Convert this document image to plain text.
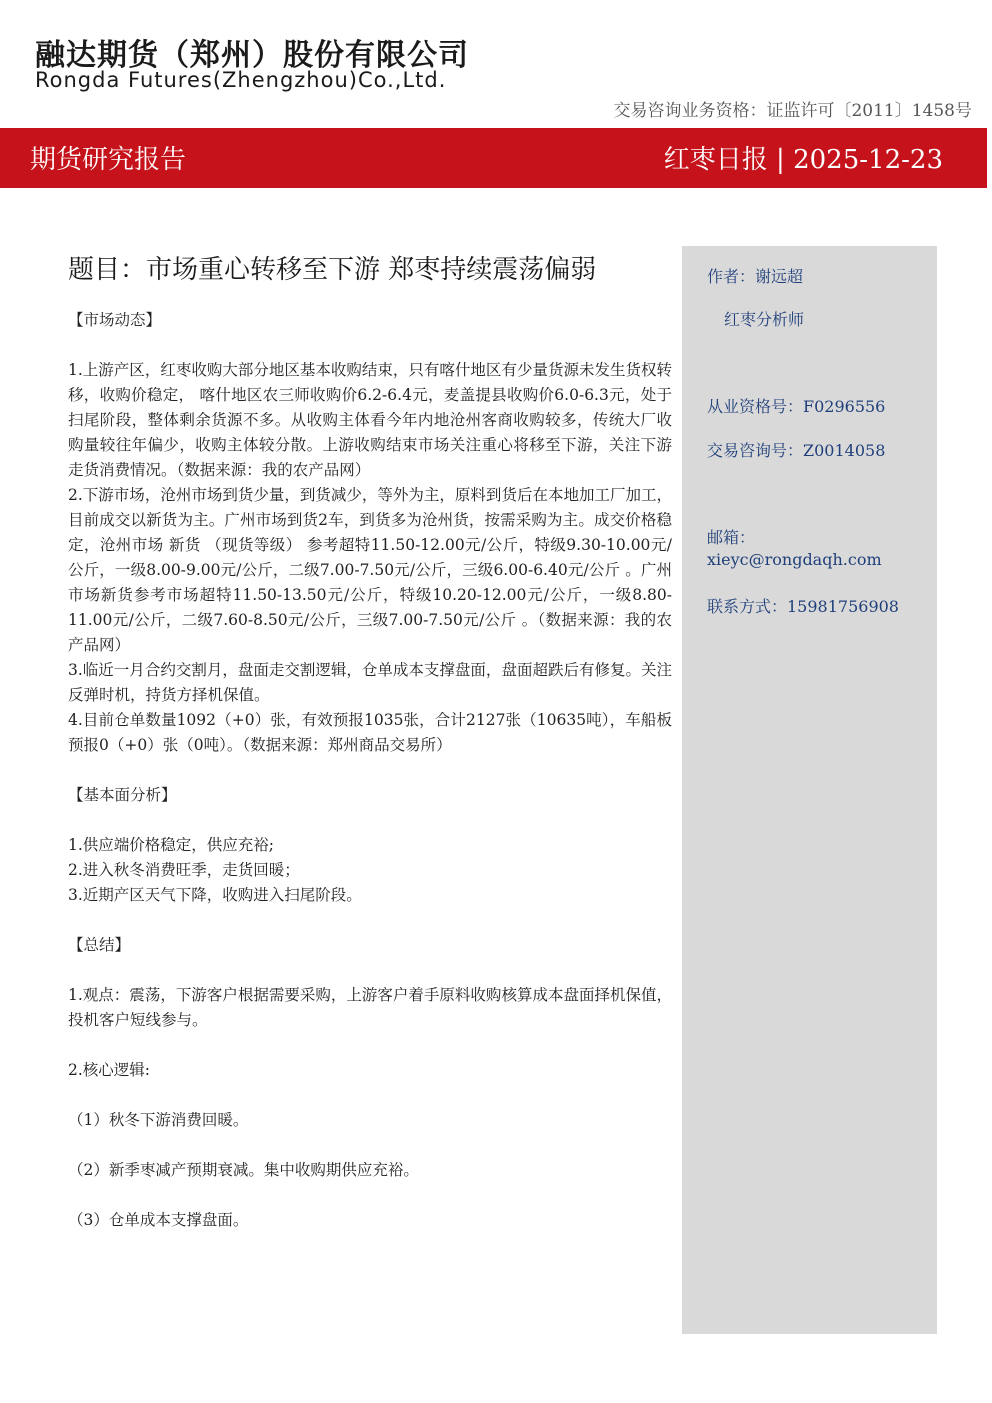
融达期货（郑州）股份有限公司
Rongda Futures(Zhengzhou)Co.,Ltd.
交易咨询业务资格：证监许可〔2011〕1458号
期货研究报告	红枣日报 | 2025-12-23
作者：谢远超
红枣分析师
从业资格号：F0296556
交易咨询号：Z0014058
邮箱：
xieyc@rongdaqh.com
联系方式：15981756908
题目：市场重心转移至下游 郑枣持续震荡偏弱
【市场动态】

1.上游产区，红枣收购大部分地区基本收购结束，只有喀什地区有少量货源未发生货权转移，收购价稳定， 喀什地区农三师收购价6.2-6.4元，麦盖提县收购价6.0-6.3元，处于扫尾阶段，整体剩余货源不多。从收购主体看今年内地沧州客商收购较多，传统大厂收购量较往年偏少，收购主体较分散。上游收购结束市场关注重心将移至下游，关注下游走货消费情况。（数据来源：我的农产品网）

2.下游市场，沧州市场到货少量，到货减少，等外为主，原料到货后在本地加工厂加工，目前成交以新货为主。广州市场到货2车，到货多为沧州货，按需采购为主。成交价格稳定，沧州市场 新货 （现货等级） 参考超特11.50-12.00元/公斤，特级9.30-10.00元/公斤，一级8.00-9.00元/公斤，二级7.00-7.50元/公斤，三级6.00-6.40元/公斤 。广州市场新货参考市场超特11.50-13.50元/公斤，特级10.20-12.00元/公斤，一级8.80-11.00元/公斤，二级7.60-8.50元/公斤，三级7.00-7.50元/公斤 。（数据来源：我的农产品网）

3.临近一月合约交割月，盘面走交割逻辑，仓单成本支撑盘面，盘面超跌后有修复。关注反弹时机，持货方择机保值。

4.目前仓单数量1092（+0）张，有效预报1035张，合计2127张（10635吨），车船板预报0（+0）张（0吨）。（数据来源：郑州商品交易所）

【基本面分析】

1.供应端价格稳定，供应充裕;

2.进入秋冬消费旺季，走货回暖；

3.近期产区天气下降，收购进入扫尾阶段。

【总结】

1.观点：震荡，下游客户根据需要采购，上游客户着手原料收购核算成本盘面择机保值，投机客户短线参与。

2.核心逻辑:

（1）秋冬下游消费回暖。

（2）新季枣减产预期衰减。集中收购期供应充裕。

（3）仓单成本支撑盘面。
